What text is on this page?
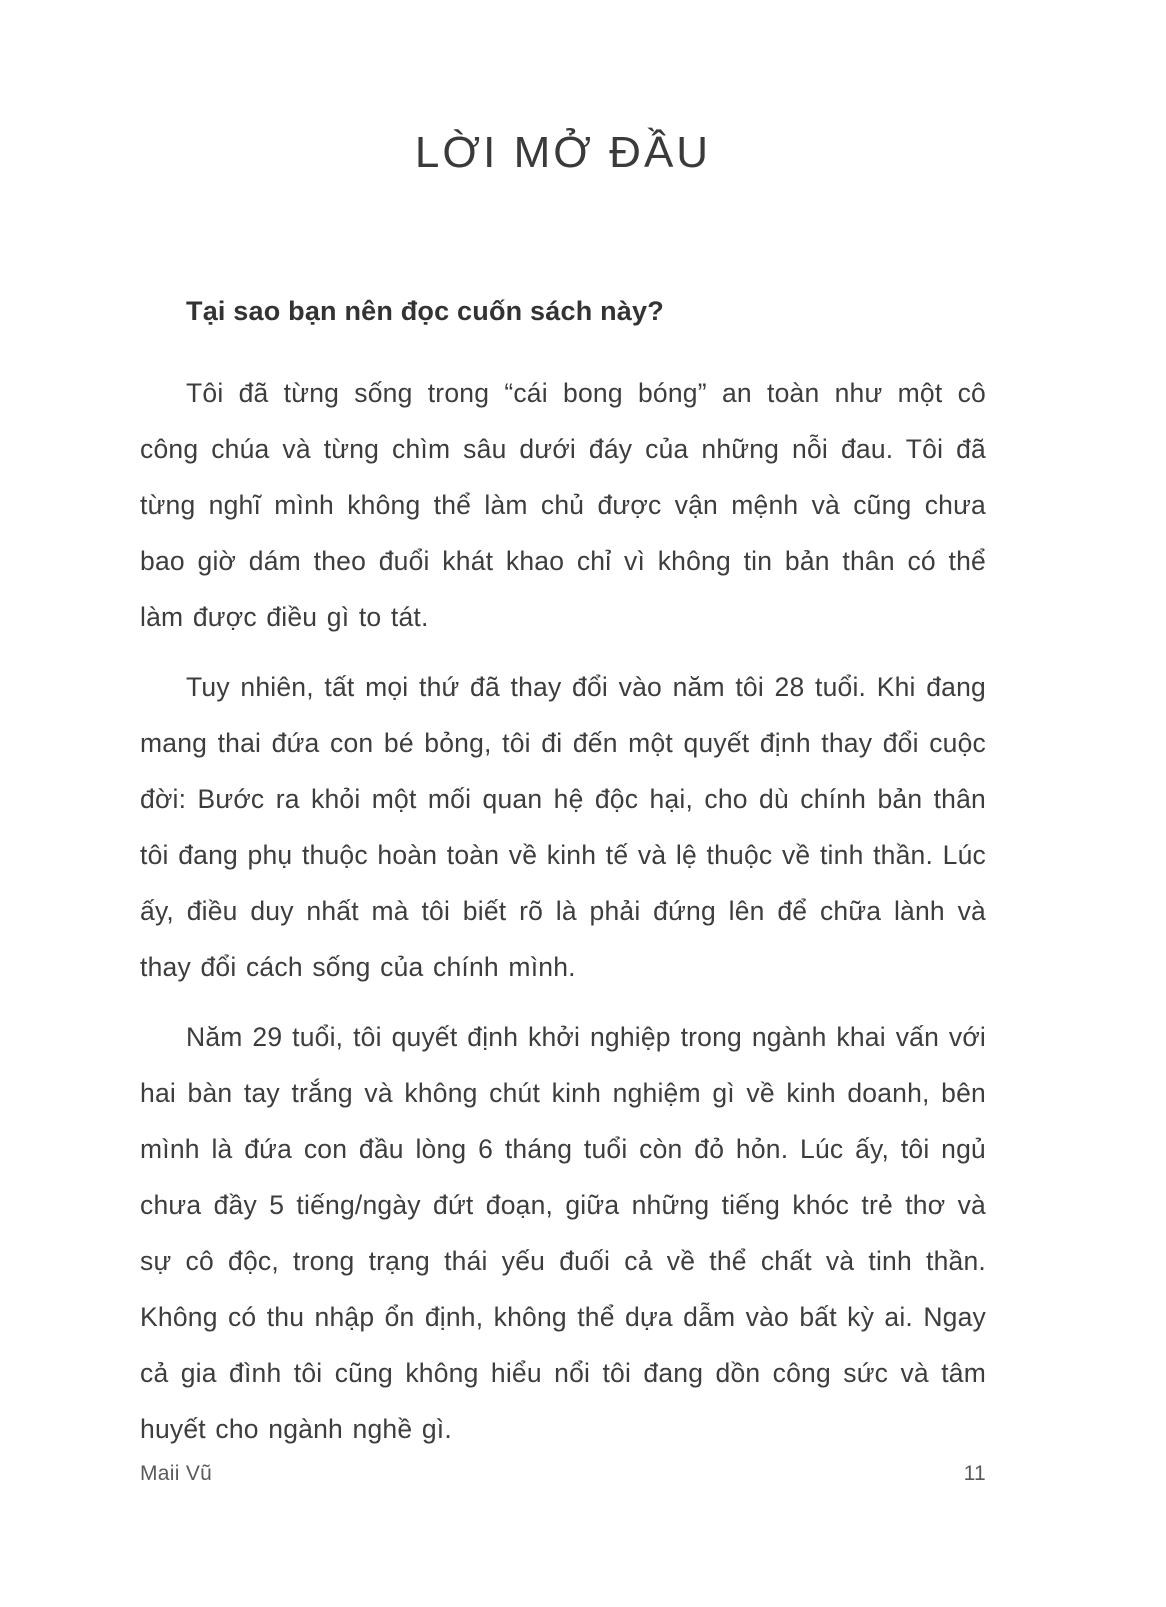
LỜI MỞ ĐẦU
Tại sao bạn nên đọc cuốn sách này?

Tôi đã từng sống trong “cái bong bóng” an toàn như một cô công chúa và từng chìm sâu dưới đáy của những nỗi đau. Tôi đã từng nghĩ mình không thể làm chủ được vận mệnh và cũng chưa bao giờ dám theo đuổi khát khao chỉ vì không tin bản thân có thể làm được điều gì to tát.

Tuy nhiên, tất mọi thứ đã thay đổi vào năm tôi 28 tuổi. Khi đang mang thai đứa con bé bỏng, tôi đi đến một quyết định thay đổi cuộc đời: Bước ra khỏi một mối quan hệ độc hại, cho dù chính bản thân tôi đang phụ thuộc hoàn toàn về kinh tế và lệ thuộc về tinh thần. Lúc ấy, điều duy nhất mà tôi biết rõ là phải đứng lên để chữa lành và thay đổi cách sống của chính mình.

Năm 29 tuổi, tôi quyết định khởi nghiệp trong ngành khai vấn với hai bàn tay trắng và không chút kinh nghiệm gì về kinh doanh, bên mình là đứa con đầu lòng 6 tháng tuổi còn đỏ hỏn. Lúc ấy, tôi ngủ chưa đầy 5 tiếng/ngày đứt đoạn, giữa những tiếng khóc trẻ thơ và sự cô độc, trong trạng thái yếu đuối cả về thể chất và tinh thần. Không có thu nhập ổn định, không thể dựa dẫm vào bất kỳ ai. Ngay cả gia đình tôi cũng không hiểu nổi tôi đang dồn công sức và tâm huyết cho ngành nghề gì.

Maii Vũ	11
